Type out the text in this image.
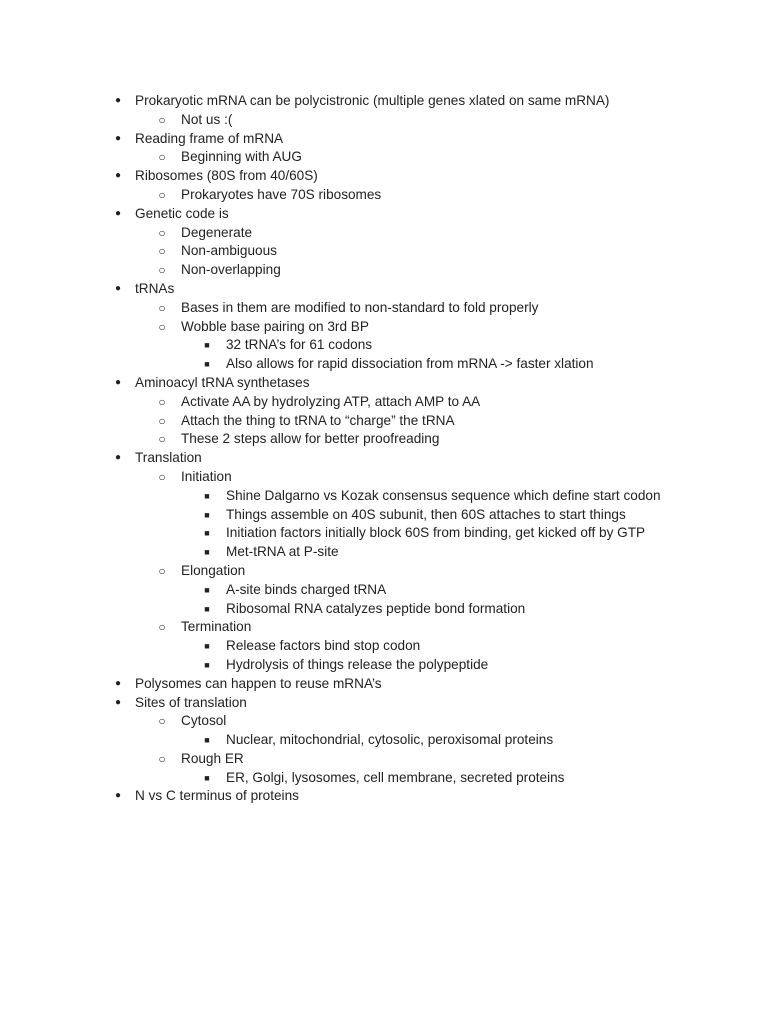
● Prokaryotic mRNA can be polycistronic (multiple genes xlated on same mRNA)
○ Not us :(
● Reading frame of mRNA
○ Beginning with AUG
● Ribosomes (80S from 40/60S)
○ Prokaryotes have 70S ribosomes
● Genetic code is
○ Degenerate
○ Non-ambiguous
○ Non-overlapping
● tRNAs
○ Bases in them are modified to non-standard to fold properly
○ Wobble base pairing on 3rd BP
■	32 tRNA’s for 61 codons
■	Also allows for rapid dissociation from mRNA -> faster xlation
● Aminoacyl tRNA synthetases
○ Activate AA by hydrolyzing ATP, attach AMP to AA
○ Attach the thing to tRNA to “charge” the tRNA
○ These 2 steps allow for better proofreading
● Translation
○ Initiation
■	Shine Dalgarno vs Kozak consensus sequence which define start codon
■	Things assemble on 40S subunit, then 60S attaches to start things
■	Initiation factors initially block 60S from binding, get kicked off by GTP
■	Met-tRNA at P-site
○ Elongation
■	A-site binds charged tRNA
■	Ribosomal RNA catalyzes peptide bond formation
○ Termination
■	Release factors bind stop codon
■	Hydrolysis of things release the polypeptide
● Polysomes can happen to reuse mRNA’s
● Sites of translation
○ Cytosol
■	Nuclear, mitochondrial, cytosolic, peroxisomal proteins
○ Rough ER
■	ER, Golgi, lysosomes, cell membrane, secreted proteins
● N vs C terminus of proteins
